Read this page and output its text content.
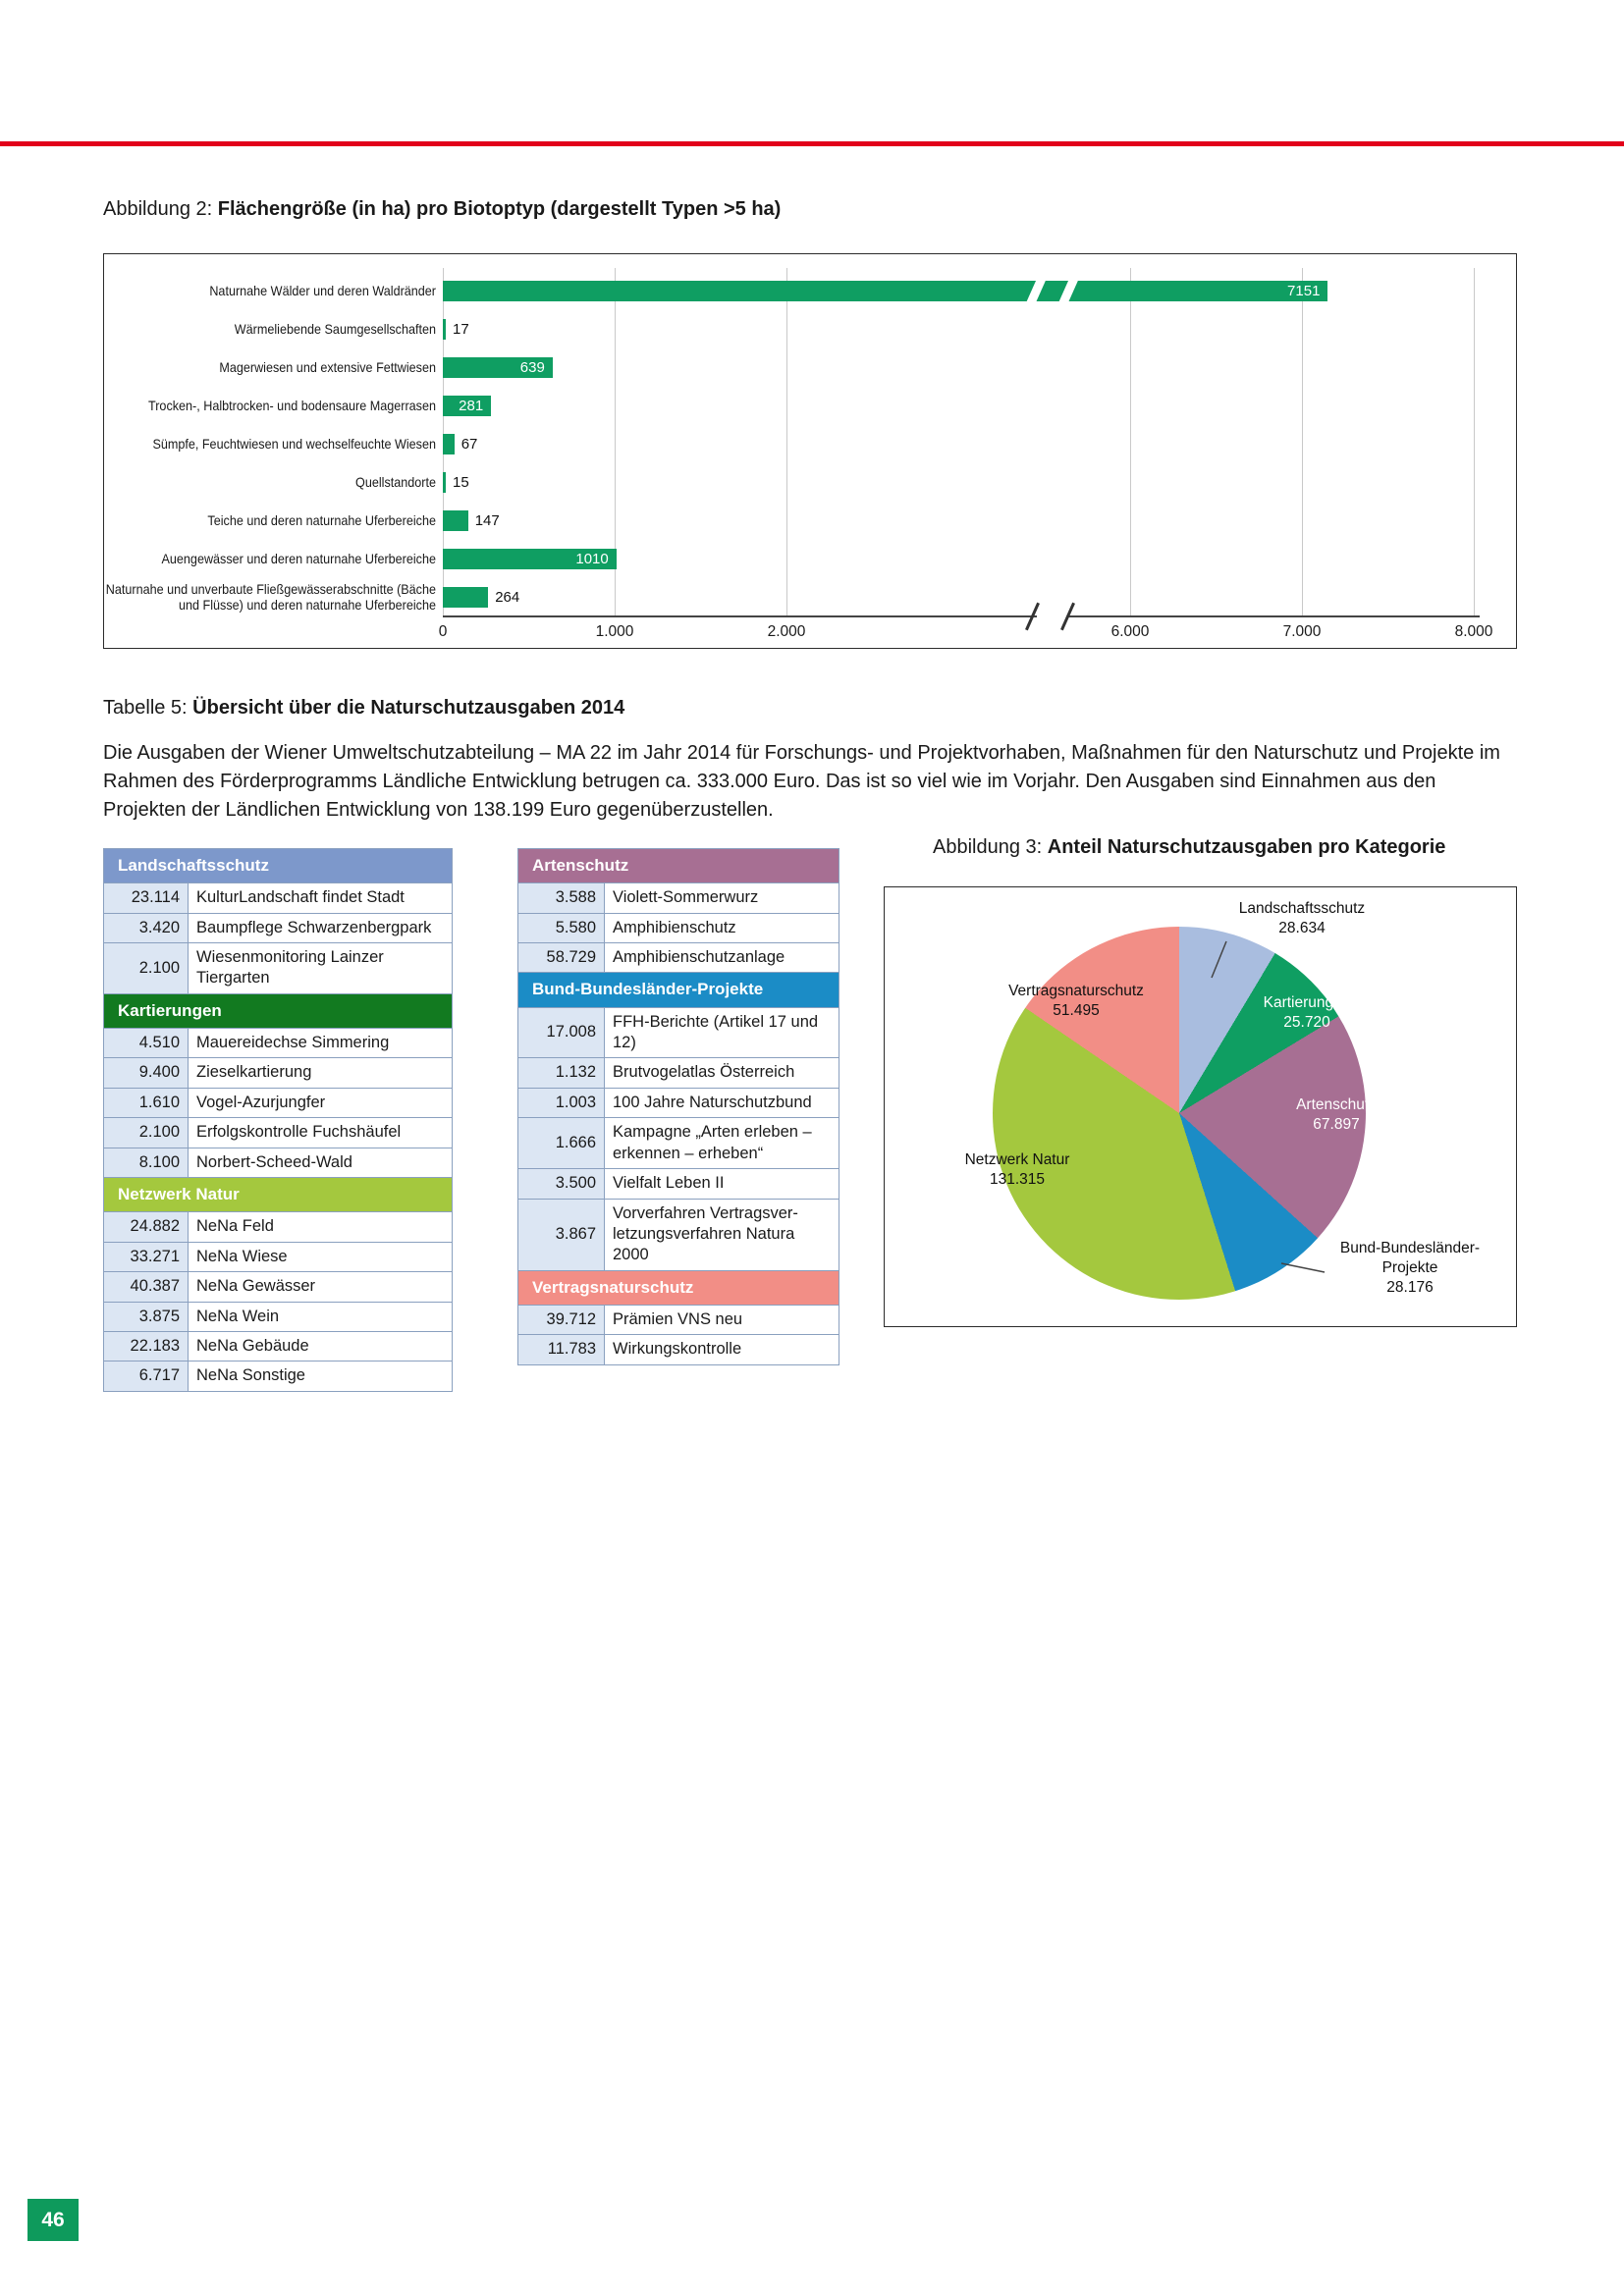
Abbildung 2: Flächengröße (in ha) pro Biotoptyp (dargestellt Typen >5 ha)
0	1.000	2.000	6.000	7.000	8.000
Naturnahe Wälder und deren Waldränder	7151
Wärmeliebende Saumgesellschaften 17
Magerwiesen und extensive Fettwiesen	639
Trocken-, Halbtrocken- und bodensaure Magerrasen	281
Sümpfe, Feuchtwiesen und wechselfeuchte Wiesen 67
Quellstandorte 15
Teiche und deren naturnahe Uferbereiche	147
Auengewässer und deren naturnahe Uferbereiche	1010
Naturnahe und unverbaute Fließgewässerabschnitte (Bäche und Flüsse) und deren naturnahe Uferbereiche	264
Tabelle 5: Übersicht über die Naturschutzausgaben 2014

Die Ausgaben der Wiener Umweltschutzabteilung – MA 22 im Jahr 2014 für Forschungs- und Projektvorhaben, Maßnahmen für den Naturschutz und Projekte im Rahmen des Förderprogramms Ländliche Entwicklung betrugen ca. 333.000 Euro. Das ist so viel wie im Vorjahr. Den Ausgaben sind Einnahmen aus den Projekten der Ländlichen Entwicklung von 138.199 Euro gegenüberzustellen.

Landschaftsschutz	
23.114	KulturLandschaft findet Stadt
3.420	Baumpflege Schwarzenbergpark
2.100	Wiesenmonitoring Lainzer Tiergarten
Kartierungen	
4.510	Mauereidechse Simmering
9.400	Zieselkartierung
1.610	Vogel-Azurjungfer
2.100	Erfolgskontrolle Fuchshäufel
8.100	Norbert-Scheed-Wald
Netzwerk Natur	
24.882	NeNa Feld
33.271	NeNa Wiese
40.387	NeNa Gewässer
3.875	NeNa Wein
22.183	NeNa Gebäude
6.717	NeNa Sonstige
Artenschutz	
3.588	Violett-Sommerwurz
5.580	Amphibienschutz
58.729	Amphibienschutzanlage
Bund-Bundesländer-Projekte	
17.008	FFH-Berichte (Artikel 17 und 12)
1.132	Brutvogelatlas Österreich
1.003	100 Jahre Naturschutzbund
1.666	Kampagne „Arten erleben – erkennen – erheben“
3.500	Vielfalt Leben II
3.867	Vorverfahren Vertragsver-letzungsverfahren Natura 2000
Vertragsnaturschutz	
39.712	Prämien VNS neu
11.783	Wirkungskontrolle
Abbildung 3: Anteil Naturschutzausgaben pro Kategorie
Landschaftsschutz
28.634
Kartierungen
25.720
Artenschutz
67.897
Bund-Bundesländer-Projekte
28.176
Netzwerk Natur
131.315
Vertragsnaturschutz
51.495
46
